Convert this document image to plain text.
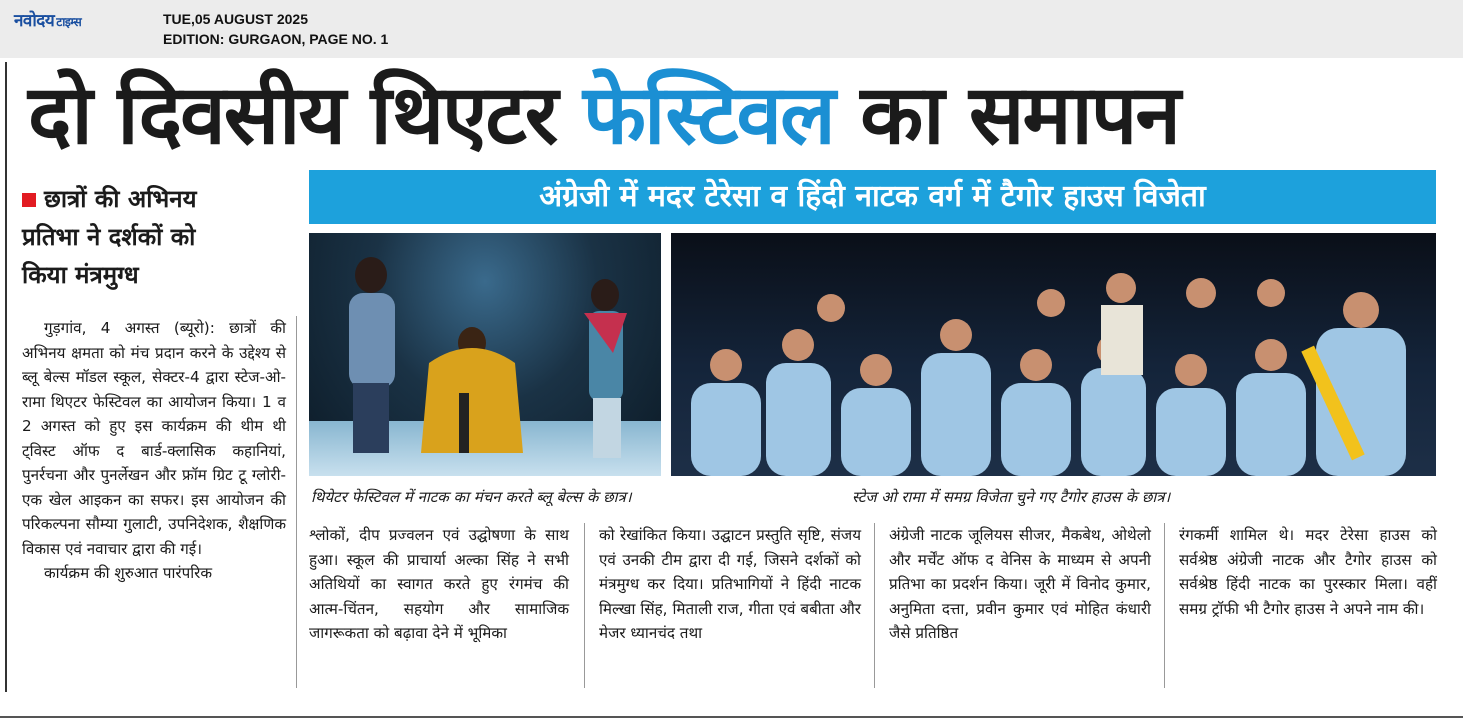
नवोदय टाइम्स	TUE,05 AUGUST 2025
EDITION: GURGAON, PAGE NO. 1
दो दिवसीय थिएटर फेस्टिवल का समापन
छात्रों की अभिनय
प्रतिभा ने दर्शकों को
किया मंत्रमुग्ध
अंग्रेजी में मदर टेरेसा व हिंदी नाटक वर्ग में टैगोर हाउस विजेता
थियेटर फेस्टिवल में नाटक का मंचन करते ब्लू बेल्स के छात्र।	स्टेज ओ रामा में समग्र विजेता चुने गए टैगोर हाउस के छात्र।

गुड़गांव, 4 अगस्त (ब्यूरो): छात्रों की अभिनय क्षमता को मंच प्रदान करने के उद्देश्य से ब्लू बेल्स मॉडल स्कूल, सेक्टर-4 द्वारा स्टेज-ओ-रामा थिएटर फेस्टिवल का आयोजन किया। 1 व 2 अगस्त को हुए इस कार्यक्रम की थीम थी ट्विस्ट ऑफ द बार्ड-क्लासिक कहानियां, पुनर्रचना और पुनर्लेखन और फ्रॉम ग्रिट टू ग्लोरी-एक खेल आइकन का सफर। इस आयोजन की परिकल्पना सौम्या गुलाटी, उपनिदेशक, शैक्षणिक विकास एवं नवाचार द्वारा की गई।

कार्यक्रम की शुरुआत पारंपरिक

श्लोकों, दीप प्रज्वलन एवं उद्घोषणा के साथ हुआ। स्कूल की प्राचार्या अल्का सिंह ने सभी अतिथियों का स्वागत करते हुए रंगमंच की आत्म-चिंतन, सहयोग और सामाजिक जागरूकता को बढ़ावा देने में भूमिका

को रेखांकित किया। उद्घाटन प्रस्तुति सृष्टि, संजय एवं उनकी टीम द्वारा दी गई, जिसने दर्शकों को मंत्रमुग्ध कर दिया। प्रतिभागियों ने हिंदी नाटक मिल्खा सिंह, मिताली राज, गीता एवं बबीता और मेजर ध्यानचंद तथा

अंग्रेजी नाटक जूलियस सीजर, मैकबेथ, ओथेलो और मर्चेंट ऑफ द वेनिस के माध्यम से अपनी प्रतिभा का प्रदर्शन किया। जूरी में विनोद कुमार, अनुमिता दत्ता, प्रवीन कुमार एवं मोहित कंधारी जैसे प्रतिष्ठित

रंगकर्मी शामिल थे। मदर टेरेसा हाउस को सर्वश्रेष्ठ अंग्रेजी नाटक और टैगोर हाउस को सर्वश्रेष्ठ हिंदी नाटक का पुरस्कार मिला। वहीं समग्र ट्रॉफी भी टैगोर हाउस ने अपने नाम की।
